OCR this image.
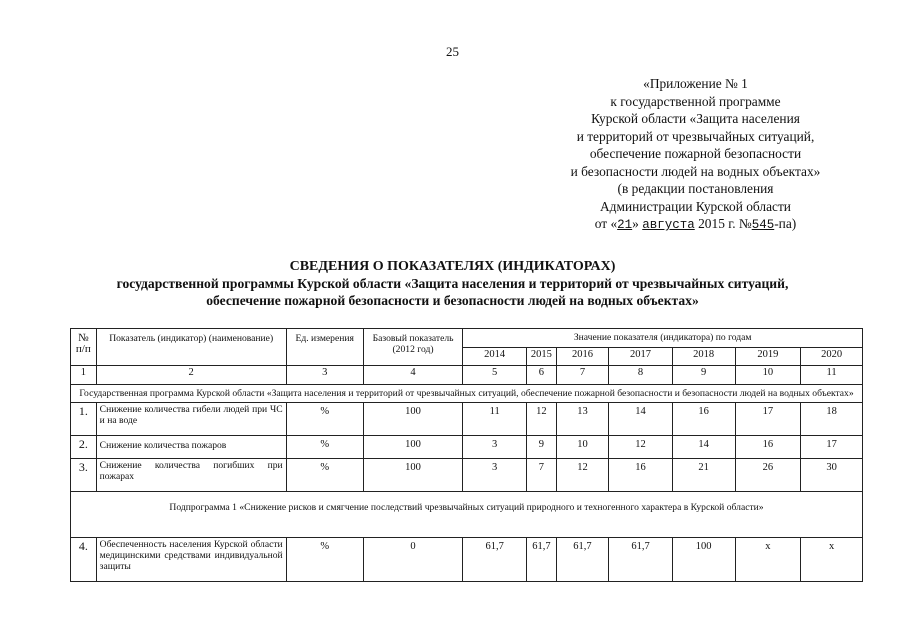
25
«Приложение № 1
к государственной программе
Курской области «Защита населения
и территорий от чрезвычайных ситуаций,
обеспечение пожарной безопасности
и безопасности людей на водных объектах»
(в редакции постановления
Администрации Курской области
от «21» августа 2015 г. №545-па)
СВЕДЕНИЯ О ПОКАЗАТЕЛЯХ (ИНДИКАТОРАХ)
государственной программы Курской области «Защита населения и территорий от чрезвычайных ситуаций,
обеспечение пожарной безопасности и безопасности людей на водных объектах»
№ п/п	Показатель (индикатор) (наименование)	Ед. измерения	Базовый показатель (2012 год)	Значение показателя (индикатора) по годам						
				2014	2015	2016	2017	2018	2019	2020
1	2	3	4	5	6	7	8	9	10	11
Государственная программа Курской области «Защита населения и территорий от чрезвычайных ситуаций, обеспечение пожарной безопасности и безопасности людей на водных объектах»										
1.	Снижение количества гибели людей при ЧС и на воде	%	100	11	12	13	14	16	17	18
2.	Снижение количества пожаров	%	100	3	9	10	12	14	16	17
3.	Снижение количества погибших при пожарах	%	100	3	7	12	16	21	26	30
Подпрограмма 1 «Снижение рисков и смягчение последствий чрезвычайных ситуаций природного и техногенного характера в Курской области»										
4.	Обеспеченность населения Курской области медицинскими средствами индивидуальной защиты	%	0	61,7	61,7	61,7	61,7	100	х	х
